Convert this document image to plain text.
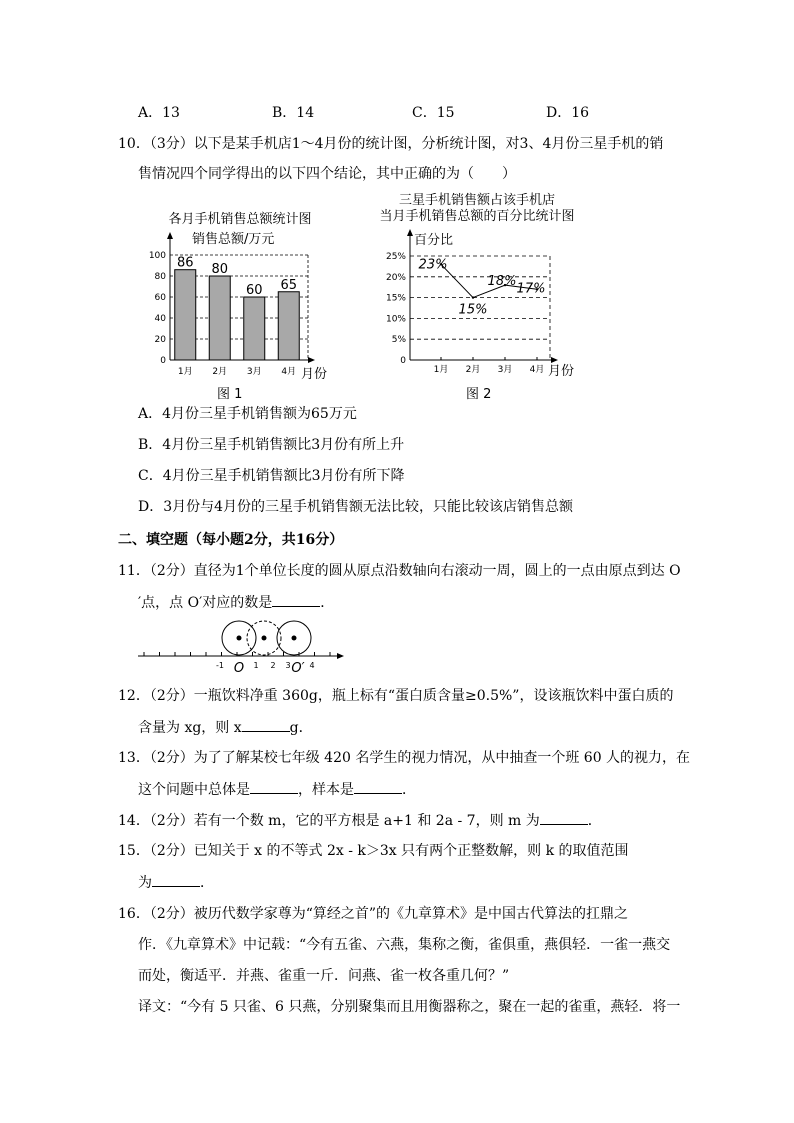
A．13	B．14	C．15	D．16
10．（3分）以下是某手机店1～4月份的统计图，分析统计图，对3、4月份三星手机的销
售情况四个同学得出的以下四个结论，其中正确的为（　　）
各月手机销售总额统计图
销售总额/万元
0
20
40
60
80
100 86 80
60 65
1月 2月 3月 4月 月份
图 1
三星手机销售额占该手机店
当月手机销售总额的百分比统计图
百分比
0
5%
10%
15%
20%
25%
1月 2月 3月 4月
23%
15%
18% 17%
月份
图 2
A．4月份三星手机销售额为65万元
B．4月份三星手机销售额比3月份有所上升
C．4月份三星手机销售额比3月份有所下降
D．3月份与4月份的三星手机销售额无法比较，只能比较该店销售总额
二、填空题（每小题2分，共16分）
11．（2分）直径为1个单位长度的圆从原点沿数轴向右滚动一周，圆上的一点由原点到达 O
′点，点 O′对应的数是	．
-1 O 1 2 3 O′ 4
12．（2分）一瓶饮料净重 360g，瓶上标有“蛋白质含量≥0.5%”，设该瓶饮料中蛋白质的
含量为 xg，则 x	g．
13．（2分）为了了解某校七年级 420 名学生的视力情况，从中抽查一个班 60 人的视力，在
这个问题中总体是	，样本是	．
14．（2分）若有一个数 m，它的平方根是 a+1 和 2a - 7，则 m 为	．
15．（2分）已知关于 x 的不等式 2x - k＞3x 只有两个正整数解，则 k 的取值范围
为	．
16．（2分）被历代数学家尊为“算经之首”的《九章算术》是中国古代算法的扛鼎之
作．《九章算术》中记载：“今有五雀、六燕，集称之衡，雀俱重，燕俱轻．一雀一燕交
而处，衡适平．并燕、雀重一斤．问燕、雀一枚各重几何？”
译文：“今有 5 只雀、6 只燕，分别聚集而且用衡器称之，聚在一起的雀重，燕轻．将一
